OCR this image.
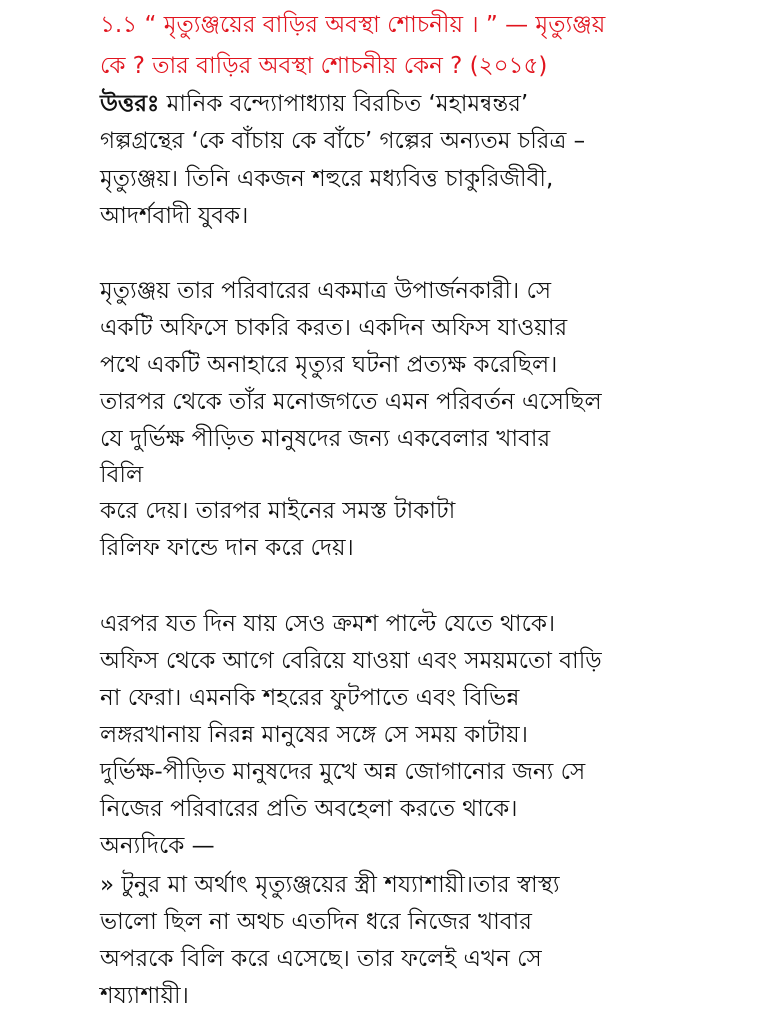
১.১ “ মৃত্যুঞ্জয়ের বাড়ির অবস্থা শোচনীয় । ” — মৃত্যুঞ্জয়
কে ? তার বাড়ির অবস্থা শোচনীয় কেন ? (২০১৫)
উত্তরঃ মানিক বন্দ্যোপাধ্যায় বিরচিত ‘মহামন্বন্তর’
গল্পগ্রন্থের ‘কে বাঁচায় কে বাঁচে’ গল্পের অন্যতম চরিত্র –
মৃত্যুঞ্জয়। তিনি একজন শহুরে মধ্যবিত্ত চাকুরিজীবী,
আদর্শবাদী যুবক।
মৃত্যুঞ্জয় তার পরিবারের একমাত্র উপার্জনকারী। সে
একটি অফিসে চাকরি করত। একদিন অফিস যাওয়ার
পথে একটি অনাহারে মৃত্যুর ঘটনা প্রত্যক্ষ করেছিল।
তারপর থেকে তাঁর মনোজগতে এমন পরিবর্তন এসেছিল
যে দুর্ভিক্ষ পীড়িত মানুষদের জন্য একবেলার খাবার
বিলি
করে দেয়। তারপর মাইনের সমস্ত টাকাটা
রিলিফ ফান্ডে দান করে দেয়।
এরপর যত দিন যায় সেও ক্রমশ পাল্টে যেতে থাকে।
অফিস থেকে আগে বেরিয়ে যাওয়া এবং সময়মতো বাড়ি
না ফেরা। এমনকি শহরের ফুটপাতে এবং বিভিন্ন
লঙ্গরখানায় নিরন্ন মানুষের সঙ্গে সে সময় কাটায়।
দুর্ভিক্ষ-পীড়িত মানুষদের মুখে অন্ন জোগানোর জন্য সে
নিজের পরিবারের প্রতি অবহেলা করতে থাকে।
অন্যদিকে —
» টুনুর মা অর্থাৎ মৃত্যুঞ্জয়ের স্ত্রী শয্যাশায়ী।তার স্বাস্থ্য
ভালো ছিল না অথচ এতদিন ধরে নিজের খাবার
অপরকে বিলি করে এসেছে। তার ফলেই এখন সে
শয্যাশায়ী।
